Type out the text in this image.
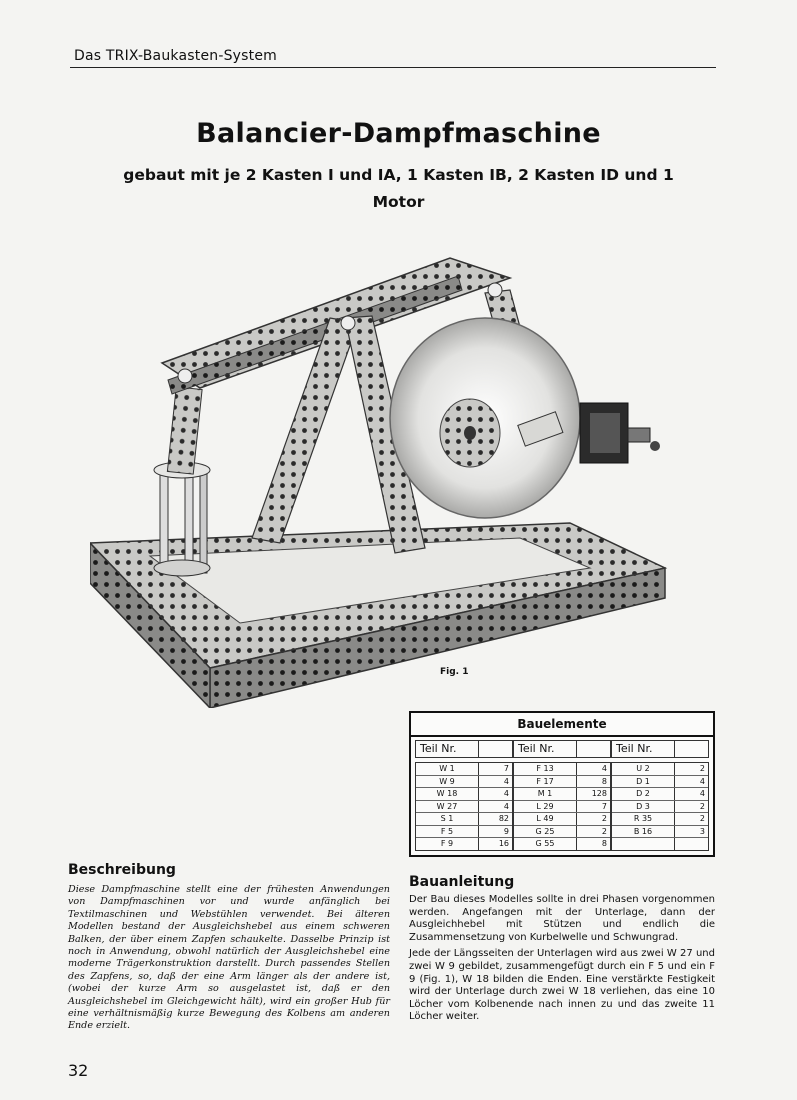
Das TRIX-Baukasten-System
Balancier-Dampfmaschine
gebaut mit je 2 Kasten I und IA, 1 Kasten IB, 2 Kasten ID und 1 Motor
Fig. 1
Bauelemente
Teil Nr.
W 1	7
W 9	4
W 18	4
W 27	4
S 1	82
F 5	9
F 9	16
Teil Nr.
F 13	4
F 17	8
M 1	128
L 29	7
L 49	2
G 25	2
G 55	8
Teil Nr.
U 2	2
D 1	4
D 2	4
D 3	2
R 35	2
B 16	3
Beschreibung
Diese Dampfmaschine stellt eine der frühesten Anwendungen von Dampfmaschinen vor und wurde anfänglich bei Textilmaschinen und Webstühlen verwendet. Bei älteren Modellen bestand der Ausgleichshebel aus einem schweren Balken, der über einem Zapfen schaukelte. Dasselbe Prinzip ist noch in Anwendung, obwohl natürlich der Ausgleichshebel eine moderne Trägerkonstruktion darstellt. Durch passendes Stellen des Zapfens, so, daß der eine Arm länger als der andere ist, (wobei der kurze Arm so ausgelastet ist, daß er den Ausgleichshebel im Gleichgewicht hält), wird ein großer Hub für eine verhältnismäßig kurze Bewegung des Kolbens am anderen Ende erzielt.
Bauanleitung

Der Bau dieses Modelles sollte in drei Phasen vorgenommen werden. Angefangen mit der Unterlage, dann der Ausgleichhebel mit Stützen und endlich die Zusammensetzung von Kurbelwelle und Schwungrad.

Jede der Längsseiten der Unterlagen wird aus zwei W 27 und zwei W 9 gebildet, zusammengefügt durch ein F 5 und ein F 9 (Fig. 1), W 18 bilden die Enden. Eine verstärkte Festigkeit wird der Unterlage durch zwei W 18 verliehen, das eine 10 Löcher vom Kolbenende nach innen zu und das zweite 11 Löcher weiter.

32
